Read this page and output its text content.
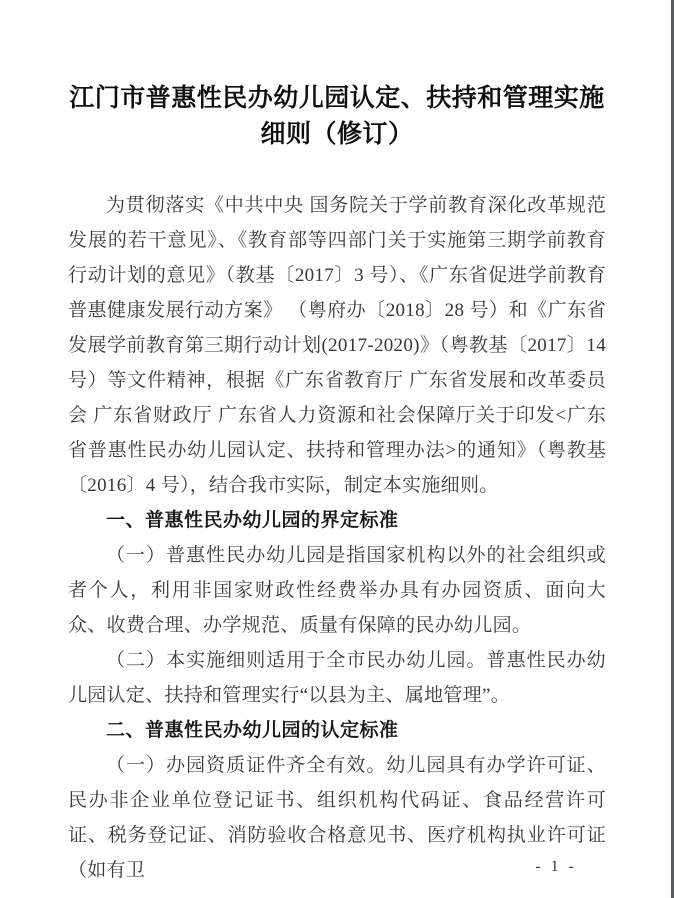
江门市普惠性民办幼儿园认定、扶持和管理实施细则（修订）

为贯彻落实《中共中央 国务院关于学前教育深化改革规范发展的若干意见》、《教育部等四部门关于实施第三期学前教育行动计划的意见》（教基〔2017〕3 号）、《广东省促进学前教育普惠健康发展行动方案》 （粤府办〔2018〕28 号）和《广东省发展学前教育第三期行动计划(2017-2020)》（粤教基〔2017〕14 号）等文件精神，根据《广东省教育厅 广东省发展和改革委员会 广东省财政厅 广东省人力资源和社会保障厅关于印发<广东省普惠性民办幼儿园认定、扶持和管理办法>的通知》（粤教基〔2016〕4 号），结合我市实际，制定本实施细则。

一、普惠性民办幼儿园的界定标准

（一）普惠性民办幼儿园是指国家机构以外的社会组织或者个人，利用非国家财政性经费举办具有办园资质、面向大众、收费合理、办学规范、质量有保障的民办幼儿园。

（二）本实施细则适用于全市民办幼儿园。普惠性民办幼儿园认定、扶持和管理实行“以县为主、属地管理”。

二、普惠性民办幼儿园的认定标准

（一）办园资质证件齐全有效。幼儿园具有办学许可证、民办非企业单位登记证书、组织机构代码证、食品经营许可证、税务登记证、消防验收合格意见书、医疗机构执业许可证（如有卫	- 1 -
